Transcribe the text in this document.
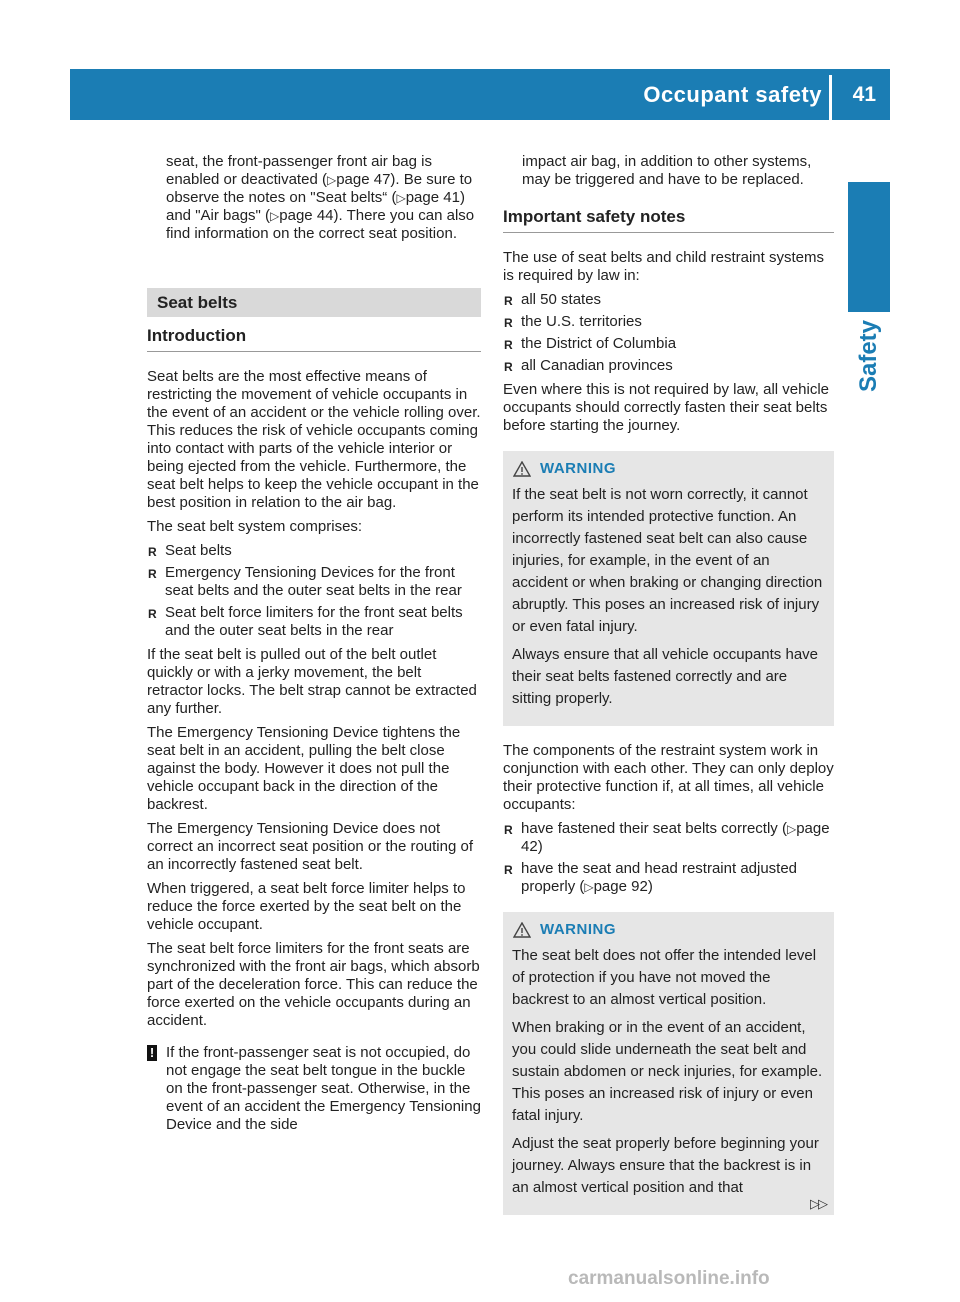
Occupant safety 41
Safety

seat, the front-passenger front air bag is enabled or deactivated (▷page 47). Be sure to observe the notes on "Seat belts“ (▷page 41) and "Air bags" (▷page 44). There you can also find information on the correct seat position.

Seat belts
Introduction

Seat belts are the most effective means of restricting the movement of vehicle occupants in the event of an accident or the vehicle rolling over. This reduces the risk of vehicle occupants coming into contact with parts of the vehicle interior or being ejected from the vehicle. Furthermore, the seat belt helps to keep the vehicle occupant in the best position in relation to the air bag.

The seat belt system comprises:

R Seat belts
R Emergency Tensioning Devices for the front seat belts and the outer seat belts in the rear
R Seat belt force limiters for the front seat belts and the outer seat belts in the rear

If the seat belt is pulled out of the belt outlet quickly or with a jerky movement, the belt retractor locks. The belt strap cannot be extracted any further.

The Emergency Tensioning Device tightens the seat belt in an accident, pulling the belt close against the body. However it does not pull the vehicle occupant back in the direction of the backrest.

The Emergency Tensioning Device does not correct an incorrect seat position or the routing of an incorrectly fastened seat belt.

When triggered, a seat belt force limiter helps to reduce the force exerted by the seat belt on the vehicle occupant.

The seat belt force limiters for the front seats are synchronized with the front air bags, which absorb part of the deceleration force. This can reduce the force exerted on the vehicle occupants during an accident.

! If the front-passenger seat is not occupied, do not engage the seat belt tongue in the buckle on the front-passenger seat. Otherwise, in the event of an accident the Emergency Tensioning Device and the side

impact air bag, in addition to other systems, may be triggered and have to be replaced.

Important safety notes

The use of seat belts and child restraint systems is required by law in:

R all 50 states
R the U.S. territories
R the District of Columbia
R all Canadian provinces

Even where this is not required by law, all vehicle occupants should correctly fasten their seat belts before starting the journey.

WARNING

If the seat belt is not worn correctly, it cannot perform its intended protective function. An incorrectly fastened seat belt can also cause injuries, for example, in the event of an accident or when braking or changing direction abruptly. This poses an increased risk of injury or even fatal injury.

Always ensure that all vehicle occupants have their seat belts fastened correctly and are sitting properly.

The components of the restraint system work in conjunction with each other. They can only deploy their protective function if, at all times, all vehicle occupants:

R have fastened their seat belts correctly (▷page 42)
R have the seat and head restraint adjusted properly (▷page 92)
WARNING

The seat belt does not offer the intended level of protection if you have not moved the backrest to an almost vertical position.

When braking or in the event of an accident, you could slide underneath the seat belt and sustain abdomen or neck injuries, for example. This poses an increased risk of injury or even fatal injury.

Adjust the seat properly before beginning your journey. Always ensure that the backrest is in an almost vertical position and that

▷▷
carmanualsonline.info
